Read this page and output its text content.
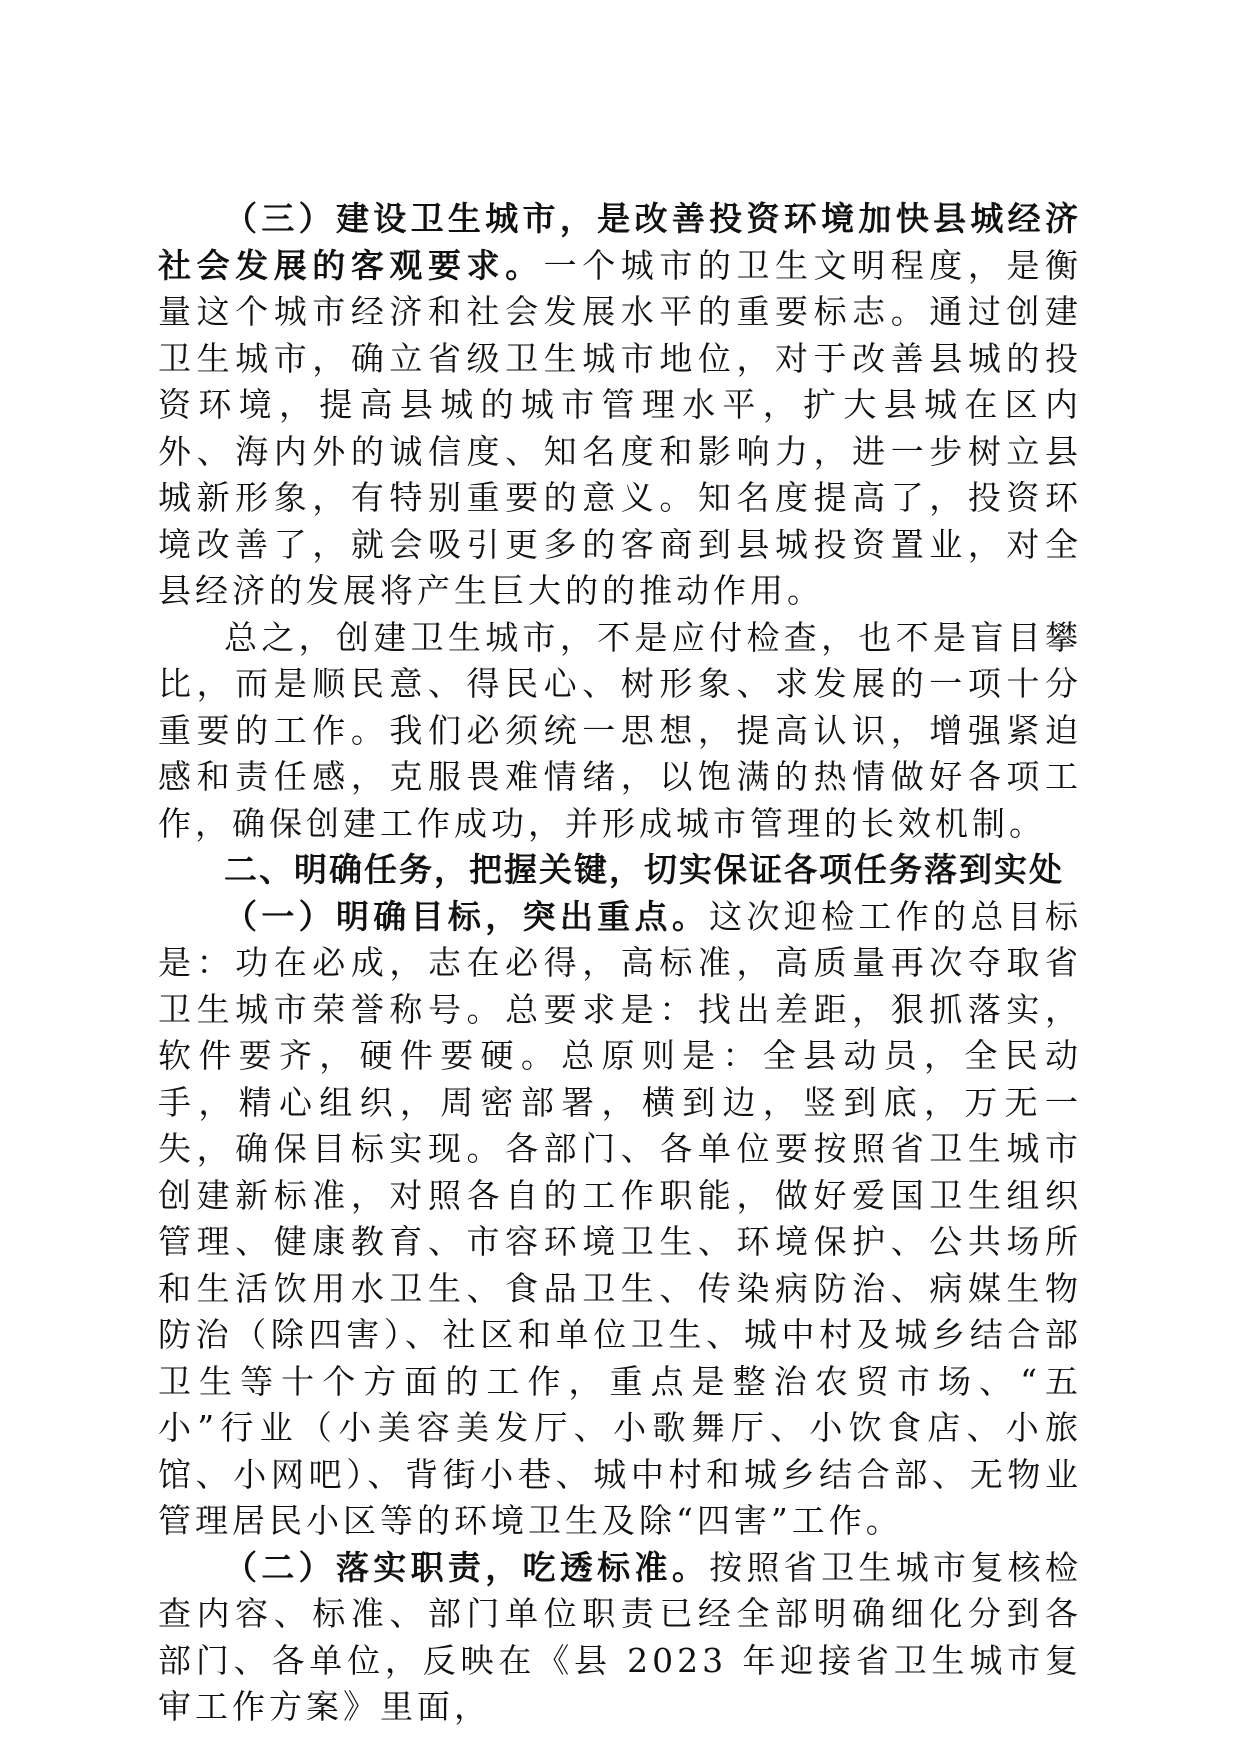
（三）建设卫生城市，是改善投资环境加快县城经济社会发展的客观要求。一个城市的卫生文明程度，是衡量这个城市经济和社会发展水平的重要标志。通过创建卫生城市，确立省级卫生城市地位，对于改善县城的投资环境，提高县城的城市管理水平，扩大县城在区内外、海内外的诚信度、知名度和影响力，进一步树立县城新形象，有特别重要的意义。知名度提高了，投资环境改善了，就会吸引更多的客商到县城投资置业，对全县经济的发展将产生巨大的的推动作用。

总之，创建卫生城市，不是应付检查，也不是盲目攀比，而是顺民意、得民心、树形象、求发展的一项十分重要的工作。我们必须统一思想，提高认识，增强紧迫感和责任感，克服畏难情绪，以饱满的热情做好各项工作，确保创建工作成功，并形成城市管理的长效机制。

二、明确任务，把握关键，切实保证各项任务落到实处

（一）明确目标，突出重点。这次迎检工作的总目标是：功在必成，志在必得，高标准，高质量再次夺取省卫生城市荣誉称号。总要求是：找出差距，狠抓落实，软件要齐，硬件要硬。总原则是：全县动员，全民动手，精心组织，周密部署，横到边，竖到底，万无一失，确保目标实现。各部门、各单位要按照省卫生城市创建新标准，对照各自的工作职能，做好爱国卫生组织管理、健康教育、市容环境卫生、环境保护、公共场所和生活饮用水卫生、食品卫生、传染病防治、病媒生物防治（除四害）、社区和单位卫生、城中村及城乡结合部卫生等十个方面的工作，重点是整治农贸市场、“五小”行业（小美容美发厅、小歌舞厅、小饮食店、小旅馆、小网吧）、背街小巷、城中村和城乡结合部、无物业管理居民小区等的环境卫生及除“四害”工作。

（二）落实职责，吃透标准。按照省卫生城市复核检查内容、标准、部门单位职责已经全部明确细化分到各部门、各单位，反映在《县 2023 年迎接省卫生城市复审工作方案》里面，
